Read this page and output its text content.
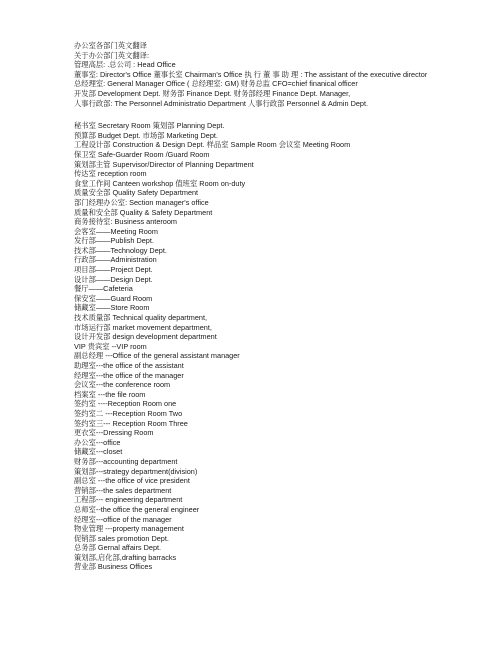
办公室各部门英文翻译
关于办公部门英文翻译:
管理高层: .总公司 : Head Office
董事室: Director's Office 董事长室 Chairman's Office 执 行 董 事 助 理 : The assistant of the executive director 总经理室: General Manager Office ( 总经理室: GM) 财务总监 CFO=chief finanical officer
开发部 Development Dept. 财务部 Finance Dept. 财务部经理 Finance Dept. Manager,
人事行政部: The Personnel Administratio Department 人事行政部 Personnel & Admin Dept.
秘书室 Secretary Room 策划部 Planning Dept.
预算部 Budget Dept. 市场部 Marketing Dept.
工程设计部 Construction & Design Dept. 样品室 Sample Room 会议室 Meeting Room
保卫室 Safe-Guarder Room /Guard Room
策划部主管 Supervisor/Director of Planning Department
传达室 reception room
食堂工作间 Canteen workshop 值班室 Room on-duty
质量安全部 Quality Safety Department
部门经理办公室: Section manager's office
质量和安全部 Quality & Safety Department
商务接待室: Business anteroom
会客室——Meeting Room
发行部——Publish Dept.
技术部——Technology Dept.
行政部——Administration
项目部——Project Dept.
设计部——Design Dept.
餐厅——Cafeteria
保安室——Guard Room
储藏室——Store Room
技术质量部 Technical quality department,
市场运行部 market movement department,
设计开发部 design development department
VIP 贵宾室 --VIP room
副总经理 ---Office of the general assistant manager
助理室---the office of the assistant
经理室---the office of the manager
会议室---the conference room
档案室 ---the file room
签约室 ----Reception Room one
签约室二 ---Reception Room Two
签约室三--- Reception Room Three
更衣室---Dressing Room
办公室---office
储藏室---closet
财务部---accounting department
策划部---strategy department(division)
副总室 ---the office of vice president
营销部---the sales department
工程部--- engineering department
总师室--the office the general engineer
经理室---office of the manager
物业管理 ---property management
促销部 sales promotion Dept.
总务部 Gernal affairs Dept.
策划部,启化部,drafting barracks
营业部 Business Offices
